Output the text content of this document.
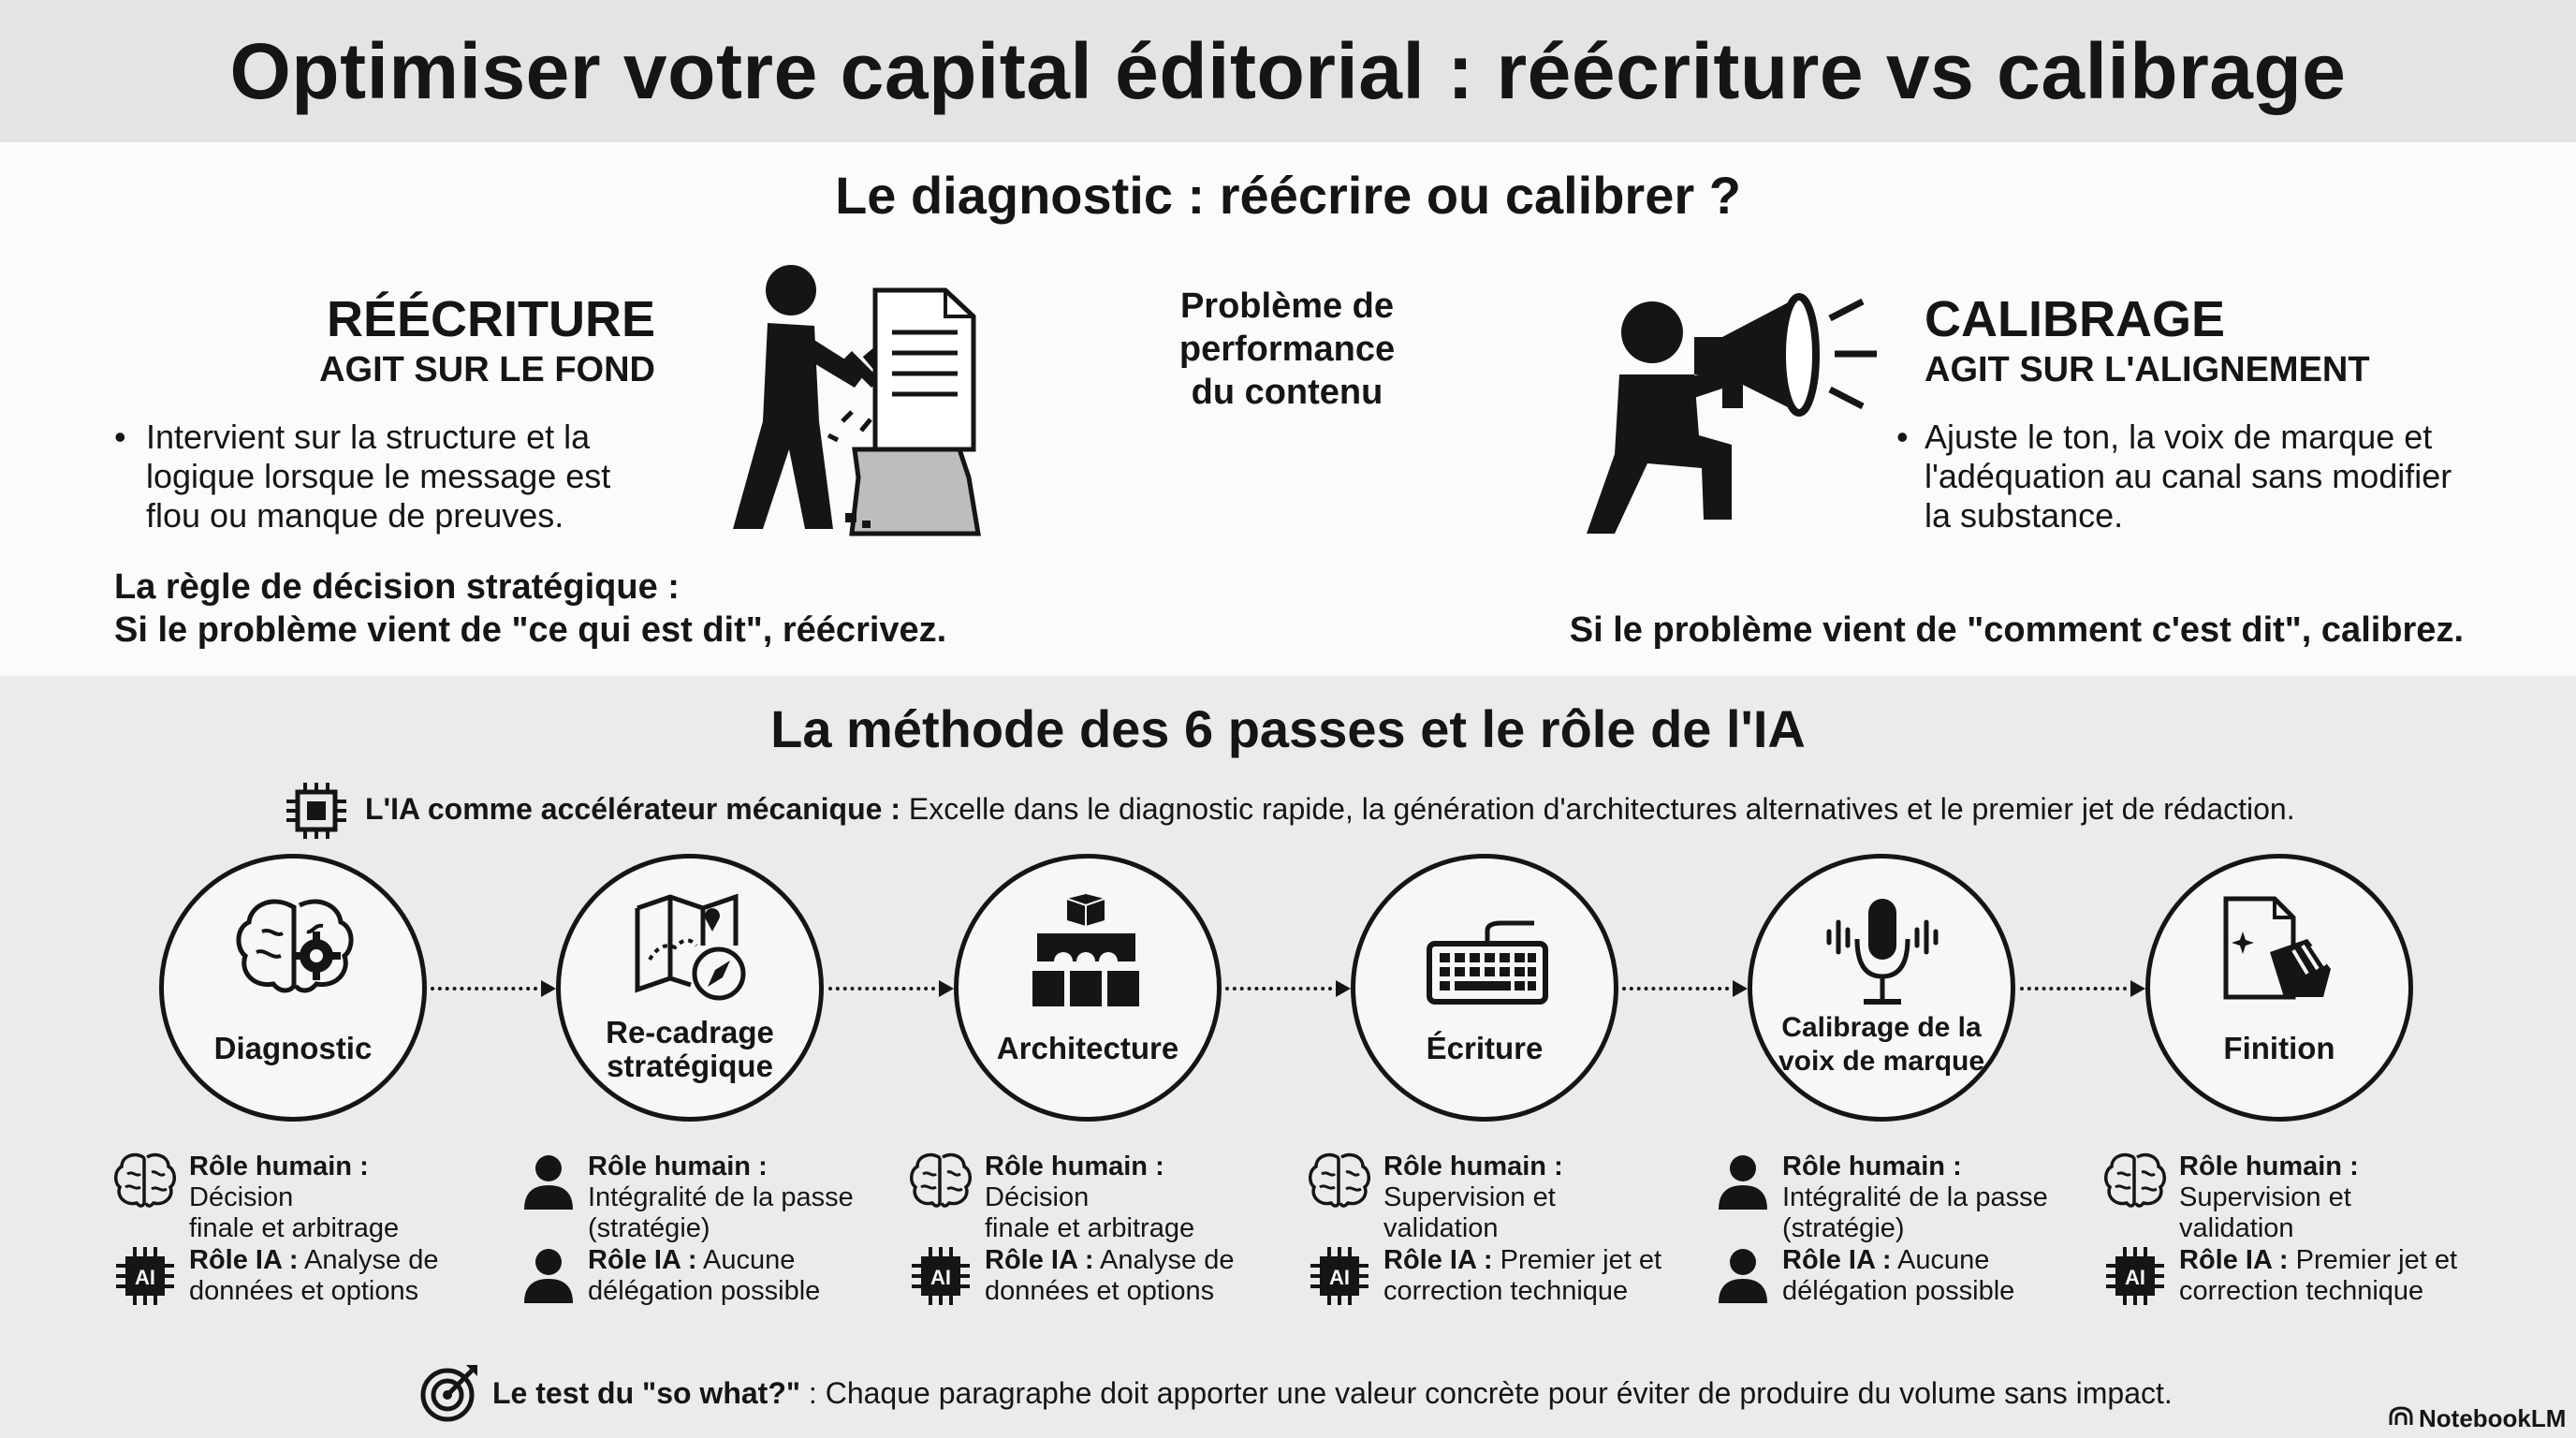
Optimiser votre capital éditorial : réécriture vs calibrage
Le diagnostic : réécrire ou calibrer ?
RÉÉCRITURE
AGIT SUR LE FOND
• Intervient sur la structure et la
logique lorsque le message est
flou ou manque de preuves.
La règle de décision stratégique :
Si le problème vient de "ce qui est dit", réécrivez.
Problème de
performance
du contenu
CALIBRAGE
AGIT SUR L'ALIGNEMENT
• Ajuste le ton, la voix de marque et
l'adéquation au canal sans modifier
la substance.
Si le problème vient de "comment c'est dit", calibrez.
La méthode des 6 passes et le rôle de l'IA
L'IA comme accélérateur mécanique : Excelle dans le diagnostic rapide, la génération d'architectures alternatives et le premier jet de rédaction.
Diagnostic	Re-cadrage
stratégique
Architecture	Écriture
Calibrage de la
voix de marque	Finition
Rôle humain : Décision
finale et arbitrage
AI
Rôle IA : Analyse de
données et options
Rôle humain :
Intégralité de la passe
(stratégie)
Rôle IA : Aucune
délégation possible
Rôle humain : Décision
finale et arbitrage
AI
Rôle IA : Analyse de
données et options
Rôle humain :
Supervision et validation
AI
Rôle IA : Premier jet et
correction technique
Rôle humain :
Intégralité de la passe
(stratégie)
Rôle IA : Aucune
délégation possible
Rôle humain :
Supervision et validation
AI
Rôle IA : Premier jet et
correction technique
Le test du "so what?" : Chaque paragraphe doit apporter une valeur concrète pour éviter de produire du volume sans impact.
NotebookLM
